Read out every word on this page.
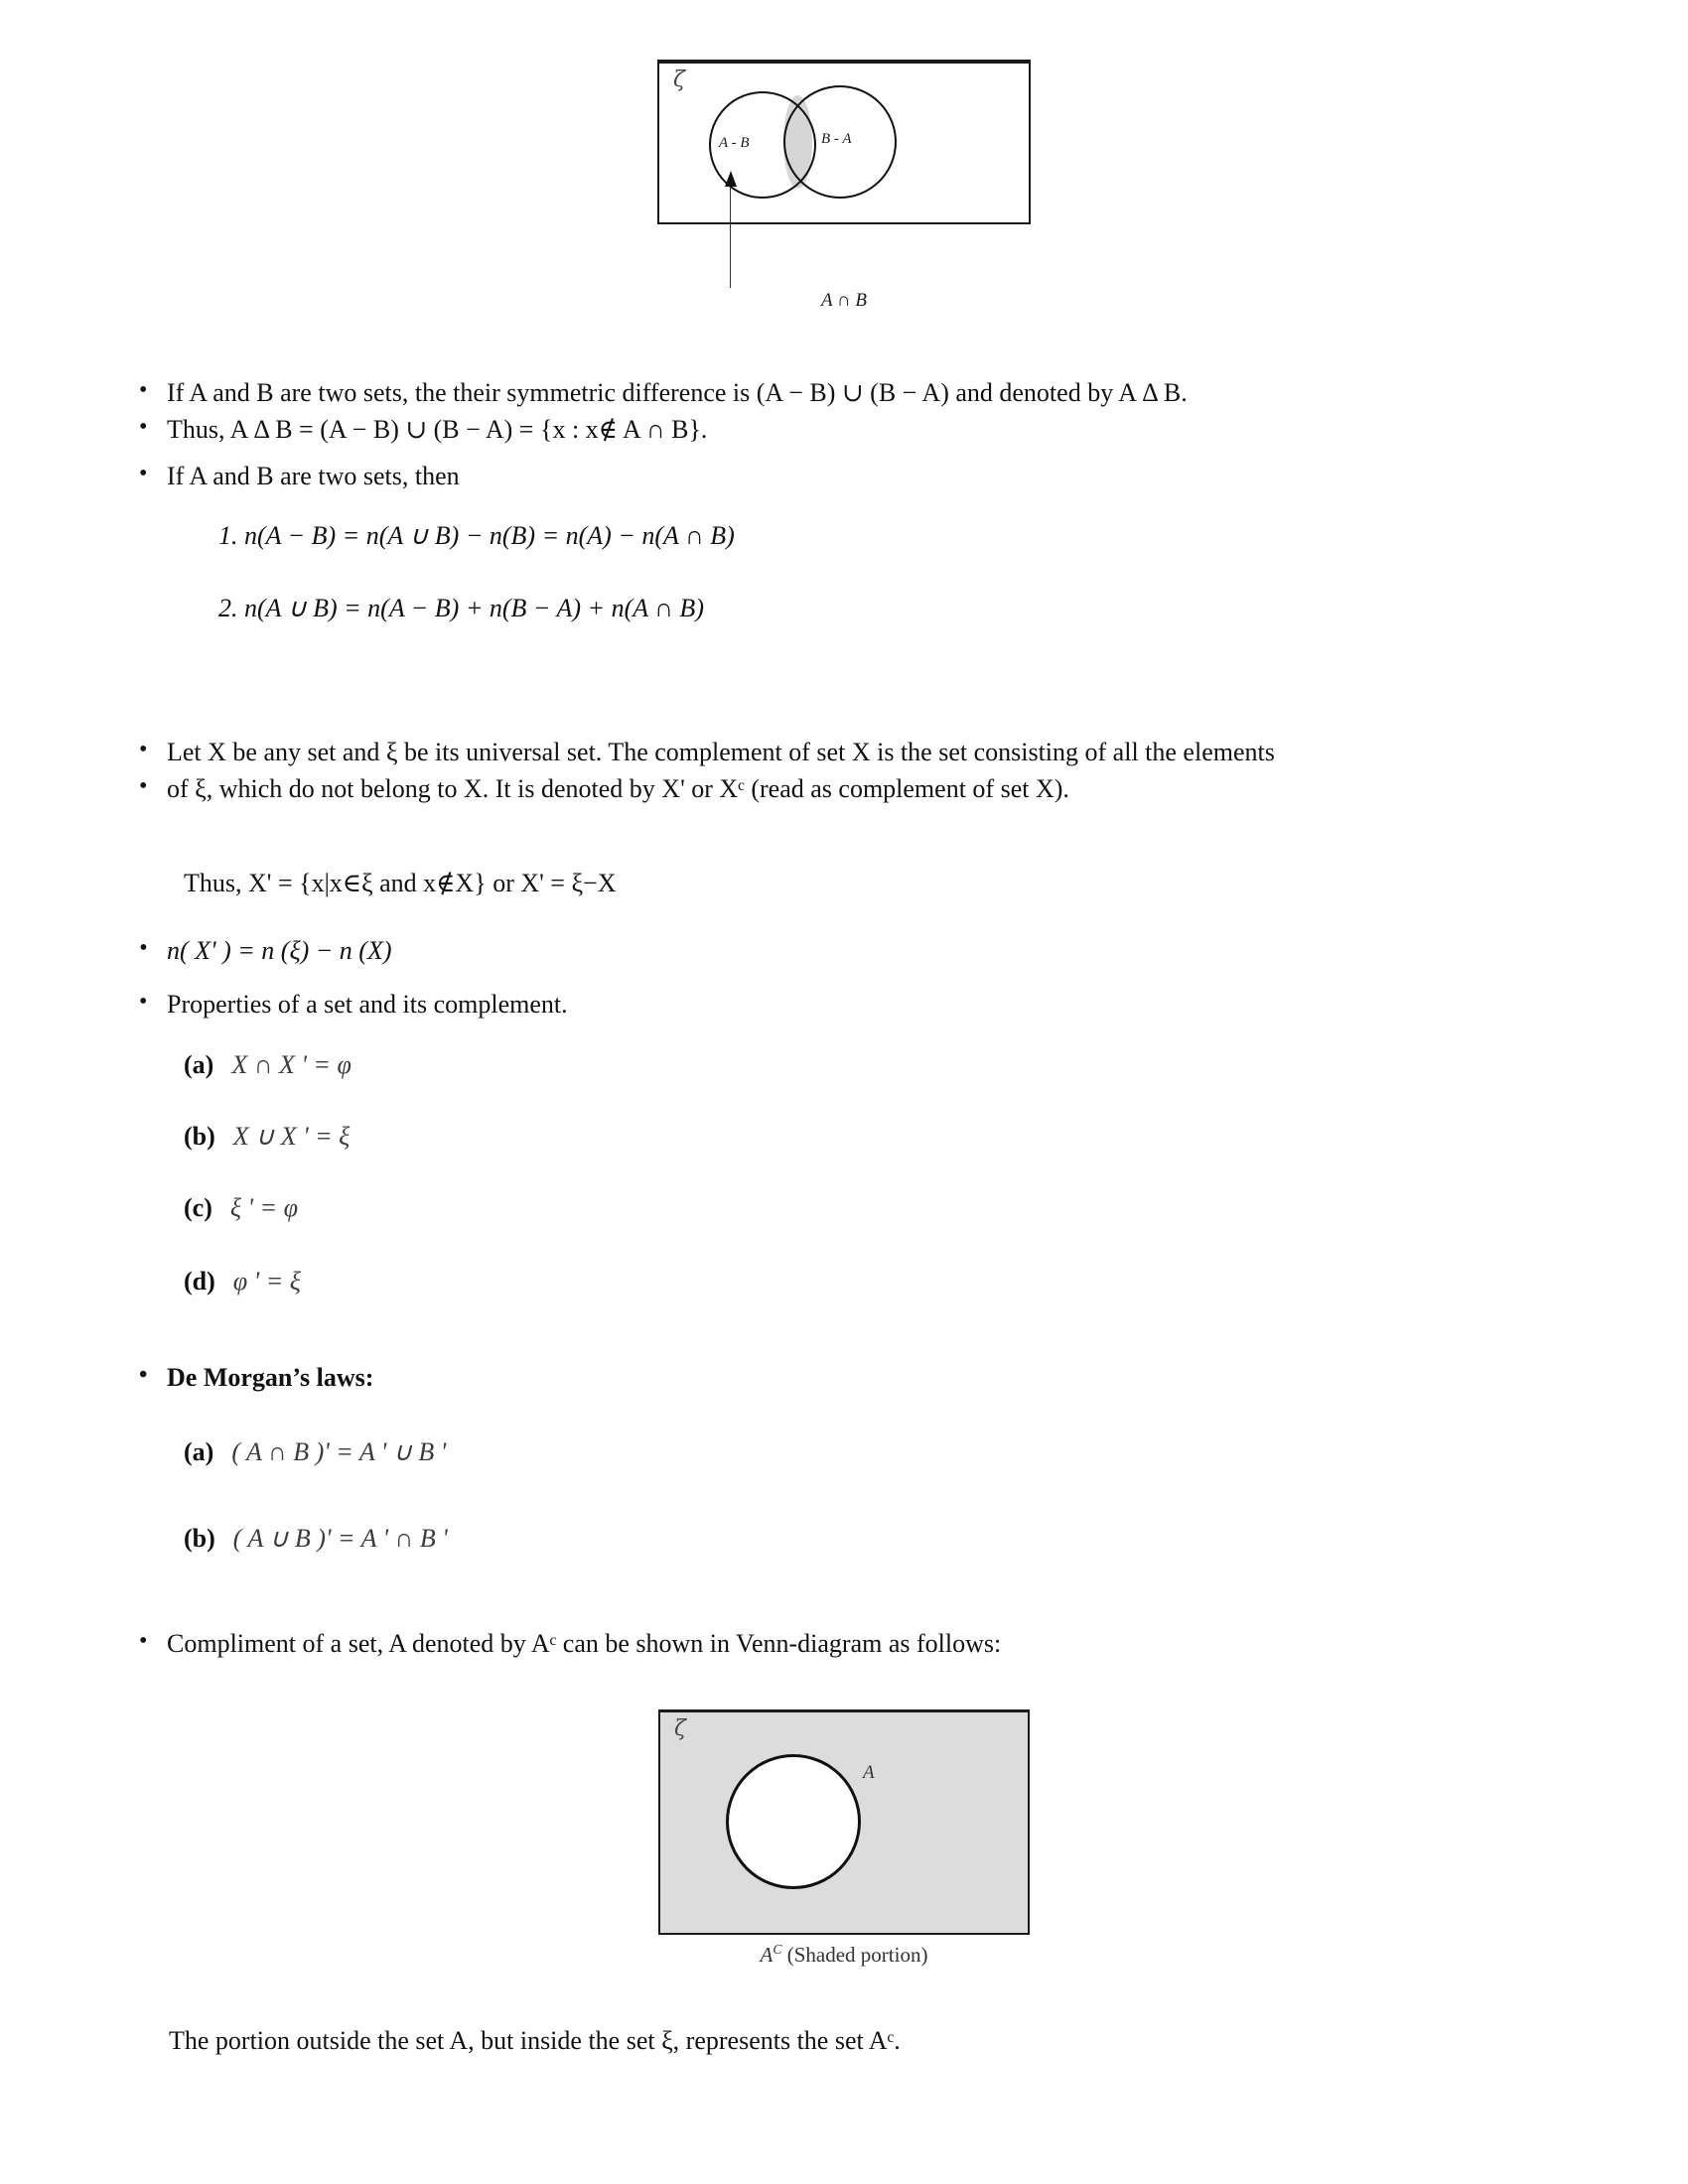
ζ
A - B	B - A
A ∩ B
• If A and B are two sets, the their symmetric difference is (A − B) ∪ (B − A) and denoted by A Δ B.
• Thus, A Δ B = (A − B) ∪ (B − A) = {x : x∉ A ∩ B}.
• If A and B are two sets, then
1. n(A − B) = n(A ∪ B) − n(B) = n(A) − n(A ∩ B)
2. n(A ∪ B) = n(A − B) + n(B − A) + n(A ∩ B)
• Let X be any set and ξ be its universal set. The complement of set X is the set consisting of all the elements
• of ξ, which do not belong to X. It is denoted by X' or Xᶜ (read as complement of set X).
Thus, X' = {x|x∈ξ and x∉X} or X' = ξ−X
• n( X' ) = n (ξ) − n (X)
• Properties of a set and its complement.
(a) X ∩ X ' = φ
(b) X ∪ X ' = ξ
(c) ξ ' = φ
(d) φ ' = ξ
• De Morgan’s laws:
(a) ( A ∩ B )' = A ' ∪ B '
(b) ( A ∪ B )' = A ' ∩ B '
• Compliment of a set, A denoted by Aᶜ can be shown in Venn-diagram as follows:
ζ
A
$A^C$ (Shaded portion)
The portion outside the set A, but inside the set ξ, represents the set Aᶜ.
